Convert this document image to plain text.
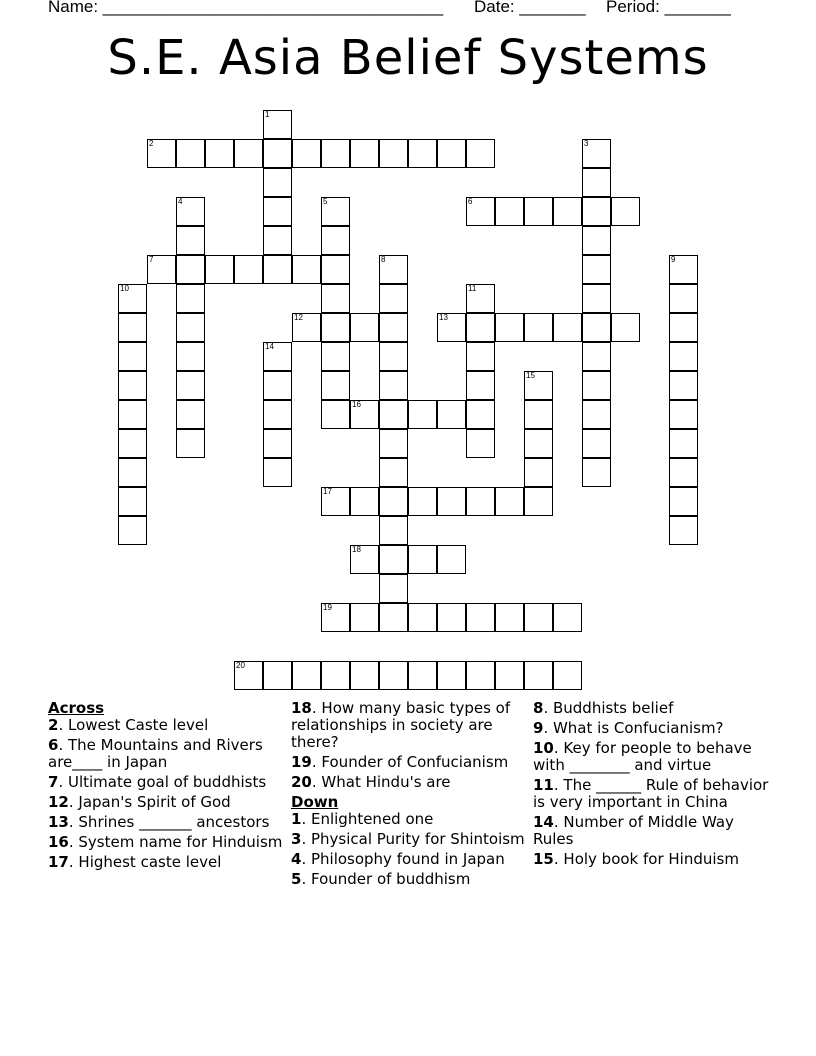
Name: ____________________________________ Date: _______ Period: _______
S.E. Asia Belief Systems
1
2	3
4	5	6
7	8	9
10	11
12	13
14
15
16
17
18
19
20
Across
2. Lowest Caste level
6. The Mountains and Rivers are____ in Japan
7. Ultimate goal of buddhists
12. Japan's Spirit of God
13. Shrines _______ ancestors
16. System name for Hinduism
17. Highest caste level
18. How many basic types of relationships in society are there?
19. Founder of Confucianism
20. What Hindu's are
Down
1. Enlightened one
3. Physical Purity for Shintoism
4. Philosophy found in Japan
5. Founder of buddhism
8. Buddhists belief
9. What is Confucianism?
10. Key for people to behave with ________ and virtue
11. The ______ Rule of behavior is very important in China
14. Number of Middle Way Rules
15. Holy book for Hinduism
